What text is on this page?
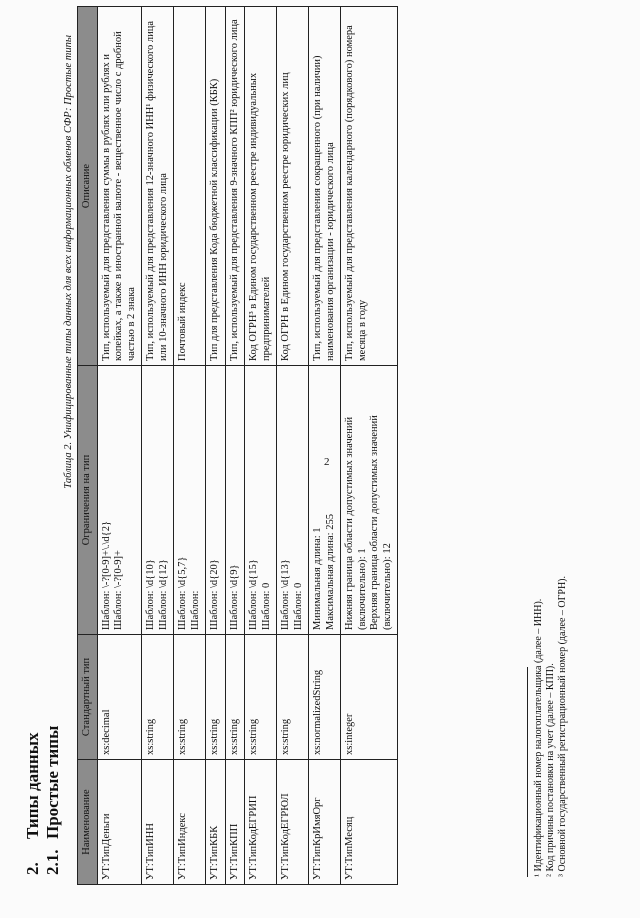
2
2.Типы данных
2.1.Простые типы
Таблица 2. Унифицированные типы данных для всех информационных обменов СФР: Простые типы
Наименование	Стандартный тип	Ограничения на тип	Описание
УТ:ТипДеньги	xs:decimal	Шаблон: \-?[0-9]+\.\d{2} Шаблон: \-?[0-9]+	Тип, используемый для представления суммы в рублях или рублях и копейках, а также в иностранной валюте - вещественное число с дробной частью в 2 знака
УТ:ТипИНН	xs:string	Шаблон: \d{10} Шаблон: \d{12}	Тип, используемый для представления 12-значного ИНН¹ физического лица или 10-значного ИНН юридического лица
УТ:ТипИндекс	xs:string	Шаблон: \d{5,7} Шаблон:	Почтовый индекс
УТ:ТипКБК	xs:string	Шаблон: \d{20}	Тип для представления Кода бюджетной классификации (КБК)
УТ:ТипКПП	xs:string	Шаблон: \d{9}	Тип, используемый для представления 9-значного КПП² юридического лица
УТ:ТипКодЕГРИП	xs:string	Шаблон: \d{15} Шаблон: 0	Код ОГРН³ в Едином государственном реестре индивидуальных предпринимателей
УТ:ТипКодЕГРЮЛ	xs:string	Шаблон: \d{13} Шаблон: 0	Код ОГРН в Едином государственном реестре юридических лиц
УТ:ТипКрИмяОрг	xs:normalizedString	Минимальная длина: 1 Максимальная длина: 255	Тип, используемый для представления сокращенного (при наличии) наименования организации - юридического лица
УТ:ТипМесяц	xs:integer	Нижняя граница области допустимых значений (включительно): 1 Верхняя граница области допустимых значений (включительно): 12	Тип, используемый для представления календарного (порядкового) номера месяца в году
¹ Идентификационный номер налогоплательщика (далее – ИНН). ² Код причины постановки на учет (далее – КПП). ³ Основной государственный регистрационный номер (далее – ОГРН).
